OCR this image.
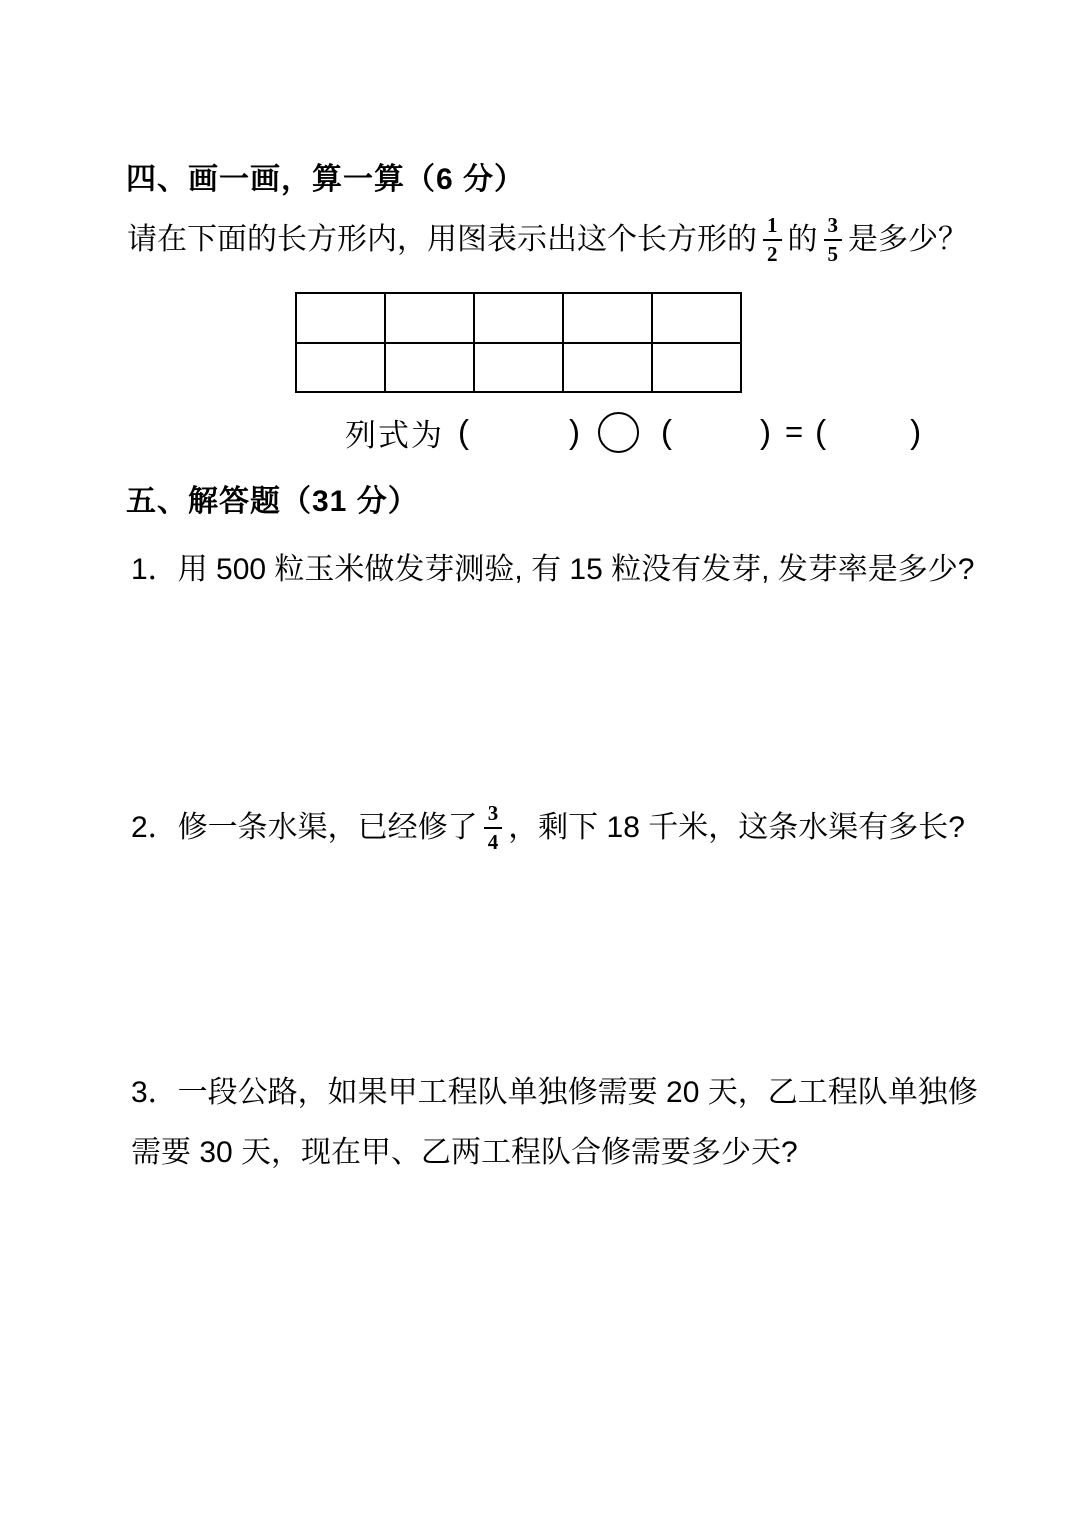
四、画一画，算一算（6 分）
请在下面的长方形内，用图表示出这个长方形的 $\frac{1}{2}$ 的 $\frac{3}{5}$ 是多少？

列式为 (	) (	) = (	)
五、解答题（31 分）
1．用 500 粒玉米做发芽测验, 有 15 粒没有发芽, 发芽率是多少?
2．修一条水渠，已经修了 $\frac{3}{4}$ ，剩下 18 千米，这条水渠有多长?
3．一段公路，如果甲工程队单独修需要 20 天，乙工程队单独修
需要 30 天，现在甲、乙两工程队合修需要多少天?
